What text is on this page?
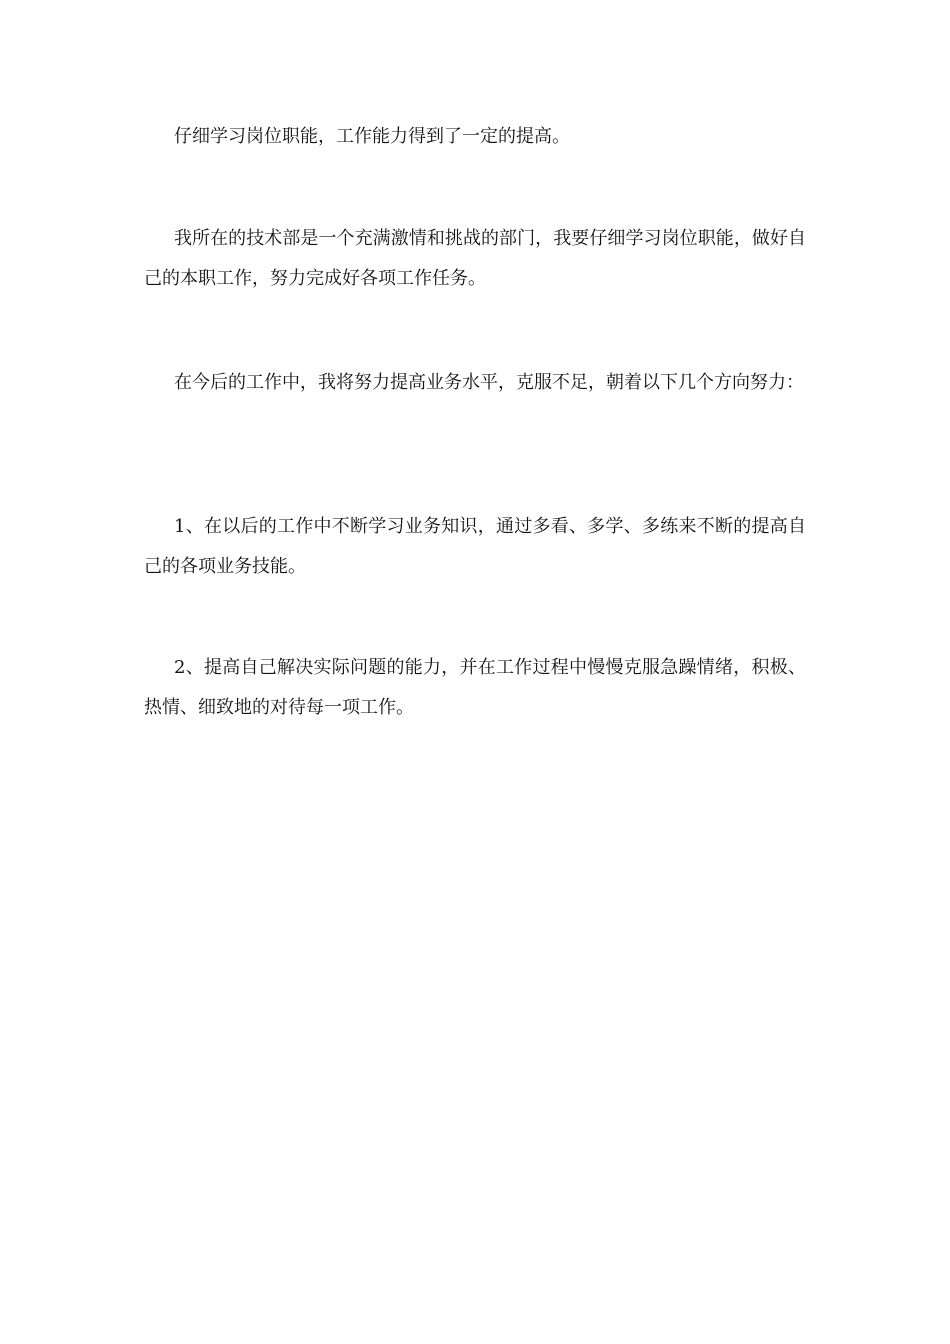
仔细学习岗位职能，工作能力得到了一定的提高。

我所在的技术部是一个充满激情和挑战的部门，我要仔细学习岗位职能，做好自己的本职工作，努力完成好各项工作任务。

在今后的工作中，我将努力提高业务水平，克服不足，朝着以下几个方向努力：

1、在以后的工作中不断学习业务知识，通过多看、多学、多练来不断的提高自己的各项业务技能。

2、提高自己解决实际问题的能力，并在工作过程中慢慢克服急躁情绪，积极、热情、细致地的对待每一项工作。
